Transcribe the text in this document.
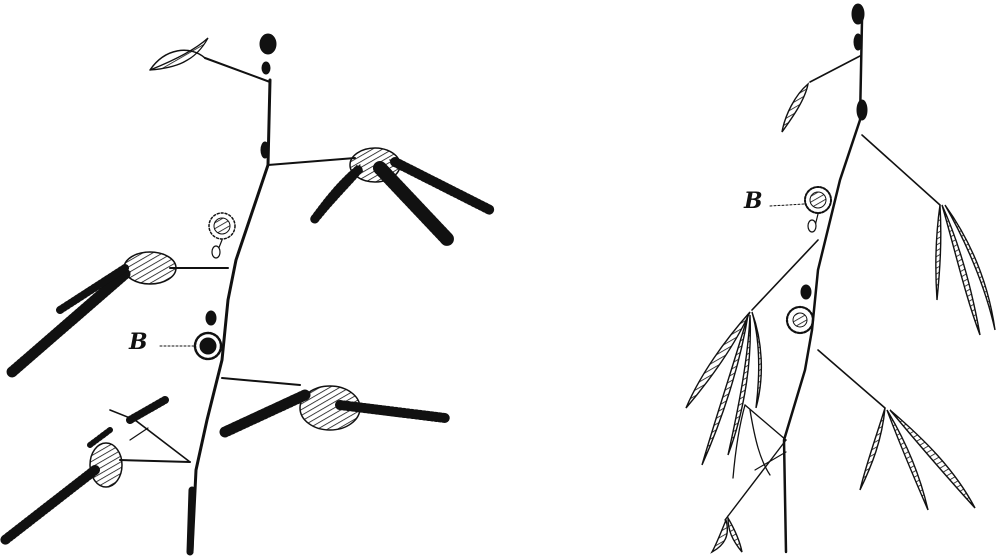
B
B
